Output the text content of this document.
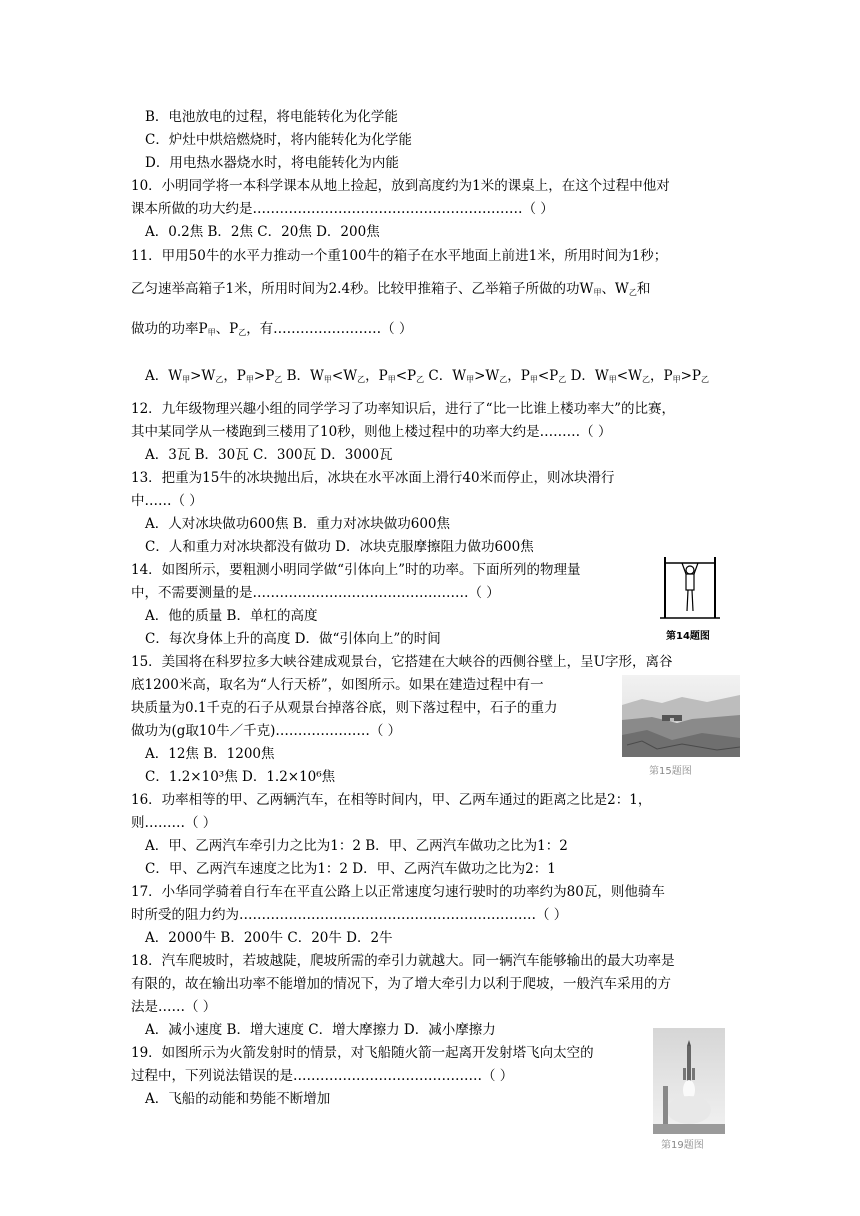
B．电池放电的过程，将电能转化为化学能
C．炉灶中烘焙燃烧时，将内能转化为化学能
D．用电热水器烧水时，将电能转化为内能
10．小明同学将一本科学课本从地上捡起，放到高度约为1米的课桌上，在这个过程中他对
课本所做的功大约是……………………………………………………（ ）
A．0.2焦 B．2焦 C．20焦 D．200焦
11．甲用50牛的水平力推动一个重100牛的箱子在水平地面上前进1米，所用时间为1秒；
乙匀速举高箱子1米，所用时间为2.4秒。比较甲推箱子、乙举箱子所做的功$W_甲$、$W_乙$和
做功的功率$P_甲$、$P_乙$，有……………………（ ）
A．$W_甲>W_乙$，$P_甲>P_乙$ B．$W_甲<W_乙$，$P_甲<P_乙$ C．$W_甲>W_乙$，$P_甲<P_乙$ D．$W_甲<W_乙$，$P_甲>P_乙$
12．九年级物理兴趣小组的同学学习了功率知识后，进行了“比一比谁上楼功率大”的比赛，
其中某同学从一楼跑到三楼用了10秒，则他上楼过程中的功率大约是………（ ）
A．3瓦 B．30瓦 C．300瓦 D．3000瓦
13．把重为15牛的冰块抛出后，冰块在水平冰面上滑行40米而停止，则冰块滑行
中……（ ）
A．人对冰块做功600焦 B．重力对冰块做功600焦
C．人和重力对冰块都没有做功 D．冰块克服摩擦阻力做功600焦
14．如图所示，要粗测小明同学做“引体向上”时的功率。下面所列的物理量
中，不需要测量的是…………………………………………（ ）
A．他的质量 B．单杠的高度
C．每次身体上升的高度 D．做“引体向上”的时间
15．美国将在科罗拉多大峡谷建成观景台，它搭建在大峡谷的西侧谷壁上，呈U字形，离谷
底1200米高，取名为“人行天桥”，如图所示。如果在建造过程中有一
块质量为0.1千克的石子从观景台掉落谷底，则下落过程中，石子的重力
做功为(g取10牛／千克)…………………（ ）
A．12焦 B．1200焦
C．1.2×10³焦 D．1.2×10⁶焦
16．功率相等的甲、乙两辆汽车，在相等时间内，甲、乙两车通过的距离之比是2：1，
则………（ ）
A．甲、乙两汽车牵引力之比为1：2 B．甲、乙两汽车做功之比为1：2
C．甲、乙两汽车速度之比为1：2 D．甲、乙两汽车做功之比为2：1
17．小华同学骑着自行车在平直公路上以正常速度匀速行驶时的功率约为80瓦，则他骑车
时所受的阻力约为…………………………………………………………（ ）
A．2000牛 B．200牛 C．20牛 D．2牛
18．汽车爬坡时，若坡越陡，爬坡所需的牵引力就越大。同一辆汽车能够输出的最大功率是
有限的，故在输出功率不能增加的情况下，为了增大牵引力以利于爬坡，一般汽车采用的方
法是……（ ）
A．减小速度 B．增大速度 C．增大摩擦力 D．减小摩擦力
19．如图所示为火箭发射时的情景，对飞船随火箭一起离开发射塔飞向太空的
过程中，下列说法错误的是……………………………………（ ）
A．飞船的动能和势能不断增加
第14题图
第15题图
第19题图
